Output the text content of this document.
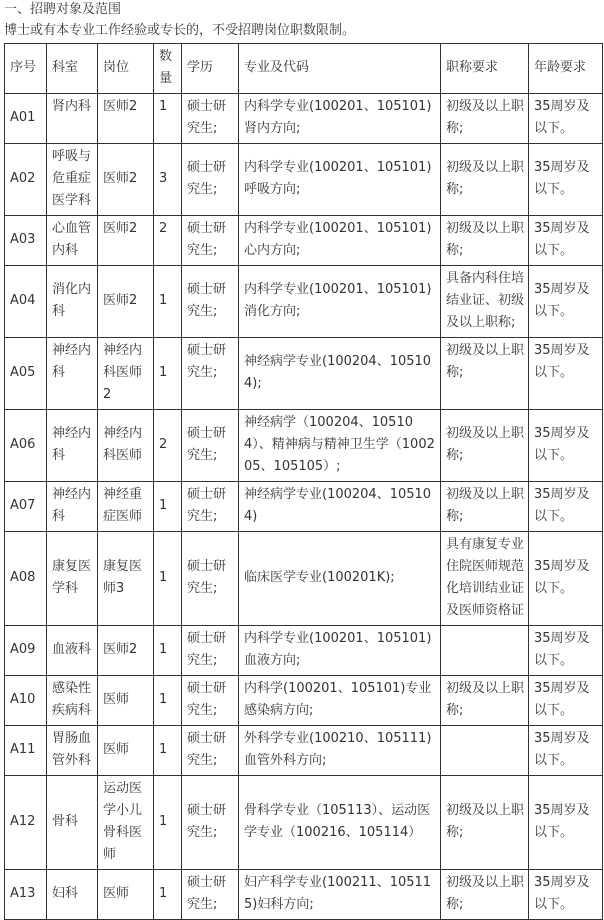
一、招聘对象及范围
博士或有本专业工作经验或专长的，不受招聘岗位职数限制。
序号	科室	岗位	数量	学历	专业及代码	职称要求	年龄要求
A01	肾内科	医师2	1	硕士研究生;	内科学专业(100201、105101)肾内方向;	初级及以上职称;	35周岁及以下。
A02	呼吸与危重症医学科	医师2	3	硕士研究生;	内科学专业(100201、105101)呼吸方向;	初级及以上职称;	35周岁及以下。
A03	心血管内科	医师2	2	硕士研究生;	内科学专业(100201、105101)心内方向;	初级及以上职称;	35周岁及以下。
A04	消化内科	医师2	1	硕士研究生;	内科学专业(100201、105101)消化方向;	具备内科住培结业证、初级及以上职称;	35周岁及以下。
A05	神经内科	神经内科医师2	1	硕士研究生;	神经病学专业(100204、105104);	初级及以上职称;	35周岁及以下。
A06	神经内科	神经内科医师	2	硕士研究生;	神经病学（100204、105104）、精神病与精神卫生学（100205、105105）;	初级及以上职称;	35周岁及以下。
A07	神经内科	神经重症医师	1	硕士研究生;	神经病学专业(100204、105104)	初级及以上职称;	35周岁及以下。
A08	康复医学科	康复医师3	1	硕士研究生;	临床医学专业(100201K);	具有康复专业住院医师规范化培训结业证及医师资格证	35周岁及以下。
A09	血液科	医师2	1	硕士研究生;	内科学专业(100201、105101)血液方向;		35周岁及以下。
A10	感染性疾病科	医师	1	硕士研究生;	内科学(100201、105101)专业感染病方向;	初级及以上职称;	35周岁及以下。
A11	胃肠血管外科	医师	1	硕士研究生;	外科学专业(100210、105111)血管外科方向;		35周岁及以下。
A12	骨科	运动医学小儿骨科医师	1	硕士研究生;	骨科学专业（105113）、运动医学专业（100216、105114）	初级及以上职称;	35周岁及以下。
A13	妇科	医师	1	硕士研究生;	妇产科学专业(100211、105115)妇科方向;	初级及以上职称;	35周岁及以下。
